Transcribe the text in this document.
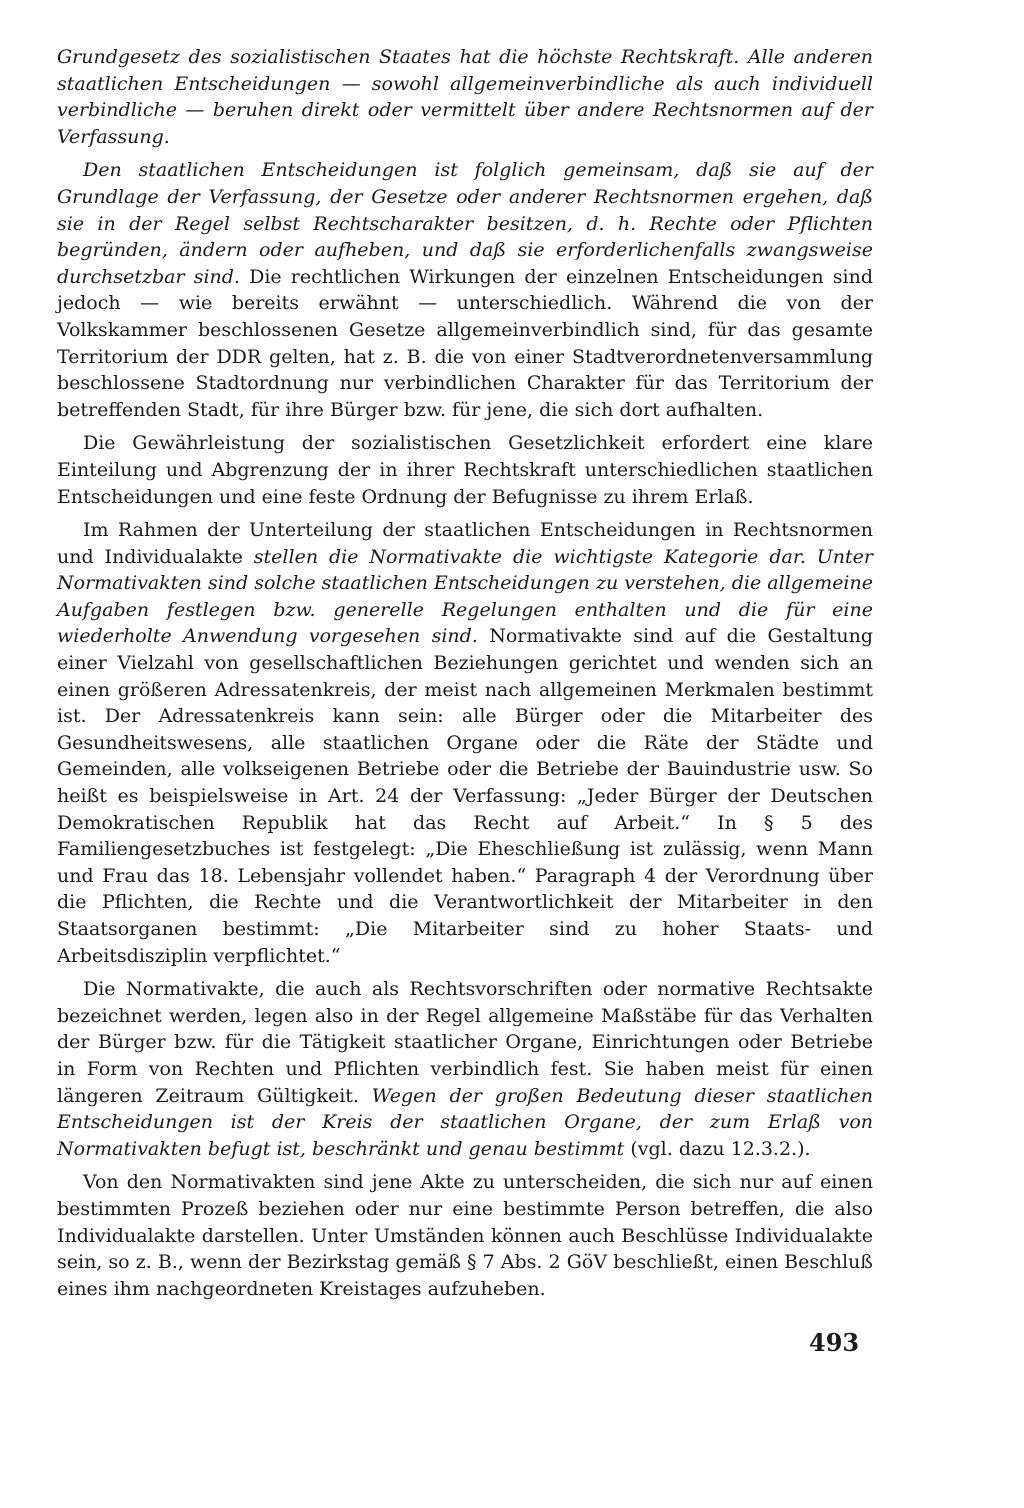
Grundgesetz des sozialistischen Staates hat die höchste Rechtskraft. Alle anderen staatlichen Entscheidungen — sowohl allgemeinverbindliche als auch individuell verbindliche — beruhen direkt oder vermittelt über andere Rechtsnormen auf der Verfassung.

Den staatlichen Entscheidungen ist folglich gemeinsam, daß sie auf der Grundlage der Verfassung, der Gesetze oder anderer Rechtsnormen ergehen, daß sie in der Regel selbst Rechtscharakter besitzen, d. h. Rechte oder Pflichten begründen, ändern oder aufheben, und daß sie erforderlichenfalls zwangsweise durchsetzbar sind. Die rechtlichen Wirkungen der einzelnen Entscheidungen sind jedoch — wie bereits erwähnt — unterschiedlich. Während die von der Volkskammer beschlossenen Gesetze allgemeinverbindlich sind, für das gesamte Territorium der DDR gelten, hat z. B. die von einer Stadtverordnetenversammlung beschlossene Stadtordnung nur verbindlichen Charakter für das Territorium der betreffenden Stadt, für ihre Bürger bzw. für jene, die sich dort aufhalten.

Die Gewährleistung der sozialistischen Gesetzlichkeit erfordert eine klare Einteilung und Abgrenzung der in ihrer Rechtskraft unterschiedlichen staatlichen Entscheidungen und eine feste Ordnung der Befugnisse zu ihrem Erlaß.

Im Rahmen der Unterteilung der staatlichen Entscheidungen in Rechtsnormen und Individualakte stellen die Normativakte die wichtigste Kategorie dar. Unter Normativakten sind solche staatlichen Entscheidungen zu verstehen, die allgemeine Aufgaben festlegen bzw. generelle Regelungen enthalten und die für eine wiederholte Anwendung vorgesehen sind. Normativakte sind auf die Gestaltung einer Vielzahl von gesellschaftlichen Beziehungen gerichtet und wenden sich an einen größeren Adressatenkreis, der meist nach allgemeinen Merkmalen bestimmt ist. Der Adressatenkreis kann sein: alle Bürger oder die Mitarbeiter des Gesundheitswesens, alle staatlichen Organe oder die Räte der Städte und Gemeinden, alle volkseigenen Betriebe oder die Betriebe der Bauindustrie usw. So heißt es beispielsweise in Art. 24 der Verfassung: „Jeder Bürger der Deutschen Demokratischen Republik hat das Recht auf Arbeit.“ In § 5 des Familiengesetzbuches ist festgelegt: „Die Eheschließung ist zulässig, wenn Mann und Frau das 18. Lebensjahr vollendet haben.“ Paragraph 4 der Verordnung über die Pflichten, die Rechte und die Verantwortlichkeit der Mitarbeiter in den Staatsorganen bestimmt: „Die Mitarbeiter sind zu hoher Staats- und Arbeitsdisziplin verpflichtet.“

Die Normativakte, die auch als Rechtsvorschriften oder normative Rechtsakte bezeichnet werden, legen also in der Regel allgemeine Maßstäbe für das Verhalten der Bürger bzw. für die Tätigkeit staatlicher Organe, Einrichtungen oder Betriebe in Form von Rechten und Pflichten verbindlich fest. Sie haben meist für einen längeren Zeitraum Gültigkeit. Wegen der großen Bedeutung dieser staatlichen Entscheidungen ist der Kreis der staatlichen Organe, der zum Erlaß von Normativakten befugt ist, beschränkt und genau bestimmt (vgl. dazu 12.3.2.).

Von den Normativakten sind jene Akte zu unterscheiden, die sich nur auf einen bestimmten Prozeß beziehen oder nur eine bestimmte Person betreffen, die also Individualakte darstellen. Unter Umständen können auch Beschlüsse Individualakte sein, so z. B., wenn der Bezirkstag gemäß § 7 Abs. 2 GöV beschließt, einen Beschluß eines ihm nachgeordneten Kreistages aufzuheben.

493
